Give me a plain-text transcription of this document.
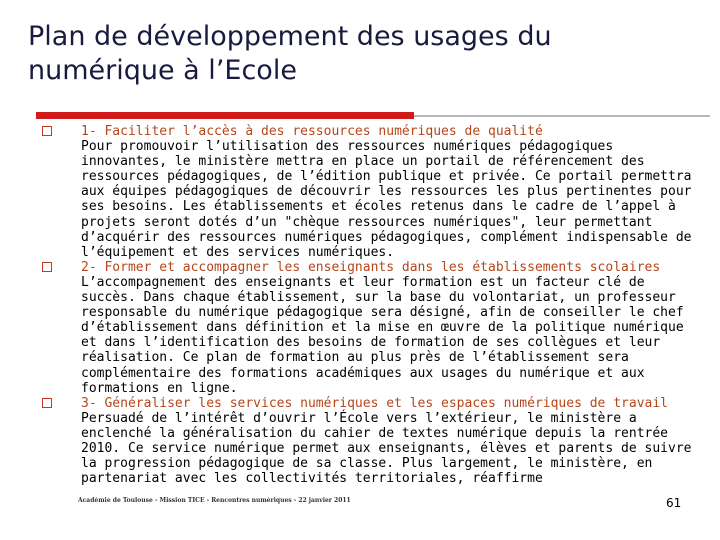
Plan de développement des usages du
numérique à l’Ecole
1- Faciliter l’accès à des ressources numériques de qualité
Pour promouvoir l’utilisation des ressources numériques pédagogiques innovantes, le ministère mettra en place un portail de référencement des ressources pédagogiques, de l’édition publique et privée. Ce portail permettra aux équipes pédagogiques de découvrir les ressources les plus pertinentes pour ses besoins. Les établissements et écoles retenus dans le cadre de l’appel à projets seront dotés d’un "chèque ressources numériques", leur permettant d’acquérir des ressources numériques pédagogiques, complément indispensable de l’équipement et des services numériques.
2- Former et accompagner les enseignants dans les établissements scolaires
L’accompagnement des enseignants et leur formation est un facteur clé de succès. Dans chaque établissement, sur la base du volontariat, un professeur responsable du numérique pédagogique sera désigné, afin de conseiller le chef d’établissement dans définition et la mise en œuvre de la politique numérique et dans l’identification des besoins de formation de ses collègues et leur réalisation. Ce plan de formation au plus près de l’établissement sera complémentaire des formations académiques aux usages du numérique et aux formations en ligne.
3- Généraliser les services numériques et les espaces numériques de travail
Persuadé de l’intérêt d’ouvrir l’École vers l’extérieur, le ministère a enclenché la généralisation du cahier de textes numérique depuis la rentrée 2010. Ce service numérique permet aux enseignants, élèves et parents de suivre la progression pédagogique de sa classe. Plus largement, le ministère, en partenariat avec les collectivités territoriales, réaffirme
Académie de Toulouse - Mission TICE - Rencontres numériques - 22 janvier 2011	61
